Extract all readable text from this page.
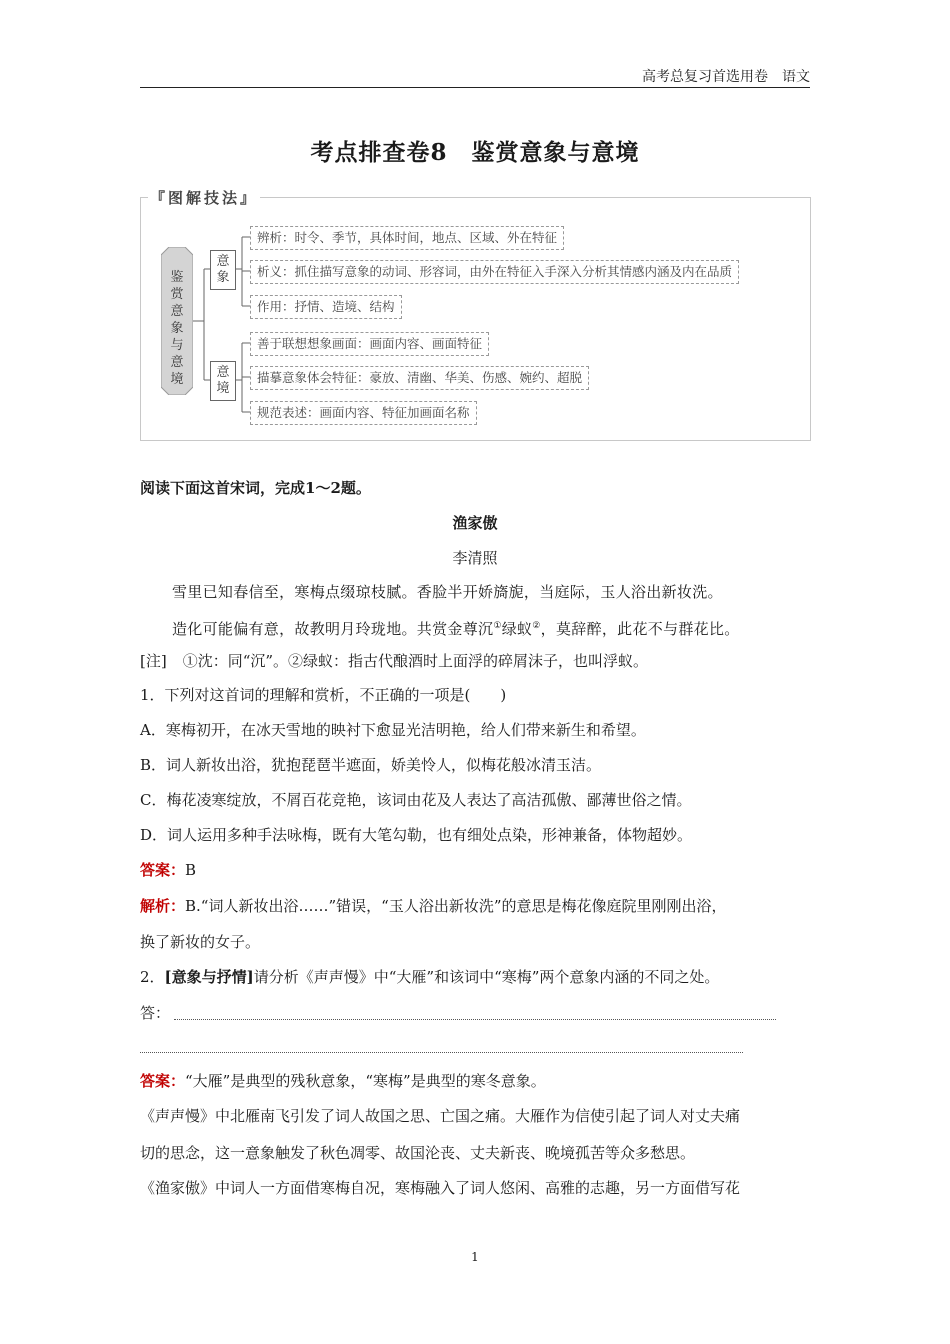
高考总复习首选用卷　语文
考点排查卷8　鉴赏意象与意境
『图解技法』
鉴赏意象与意境
意象
意境
辨析：时令、季节，具体时间，地点、区域、外在特征
析义：抓住描写意象的动词、形容词，由外在特征入手深入分析其情感内涵及内在品质
作用：抒情、造境、结构
善于联想想象画面：画面内容、画面特征
描摹意象体会特征：豪放、清幽、华美、伤感、婉约、超脱
规范表述：画面内容、特征加画面名称
阅读下面这首宋词，完成1～2题。
渔家傲
李清照
雪里已知春信至，寒梅点缀琼枝腻。香脸半开娇旖旎，当庭际，玉人浴出新妆洗。
造化可能偏有意，故教明月玲珑地。共赏金尊沉①绿蚁②，莫辞醉，此花不与群花比。
[注] ①沈：同“沉”。②绿蚁：指古代酿酒时上面浮的碎屑沫子，也叫浮蚁。
1．下列对这首词的理解和赏析，不正确的一项是(　　)
A．寒梅初开，在冰天雪地的映衬下愈显光洁明艳，给人们带来新生和希望。
B．词人新妆出浴，犹抱琵琶半遮面，娇美怜人，似梅花般冰清玉洁。
C．梅花凌寒绽放，不屑百花竞艳，该词由花及人表达了高洁孤傲、鄙薄世俗之情。
D．词人运用多种手法咏梅，既有大笔勾勒，也有细处点染，形神兼备，体物超妙。
答案：B
解析：B.“词人新妆出浴……”错误，“玉人浴出新妆洗”的意思是梅花像庭院里刚刚出浴，
换了新妆的女子。
2．[意象与抒情]请分析《声声慢》中“大雁”和该词中“寒梅”两个意象内涵的不同之处。
答：
答案：“大雁”是典型的残秋意象，“寒梅”是典型的寒冬意象。
《声声慢》中北雁南飞引发了词人故国之思、亡国之痛。大雁作为信使引起了词人对丈夫痛
切的思念，这一意象触发了秋色凋零、故国沦丧、丈夫新丧、晚境孤苦等众多愁思。
《渔家傲》中词人一方面借寒梅自况，寒梅融入了词人悠闲、高雅的志趣，另一方面借写花
1
